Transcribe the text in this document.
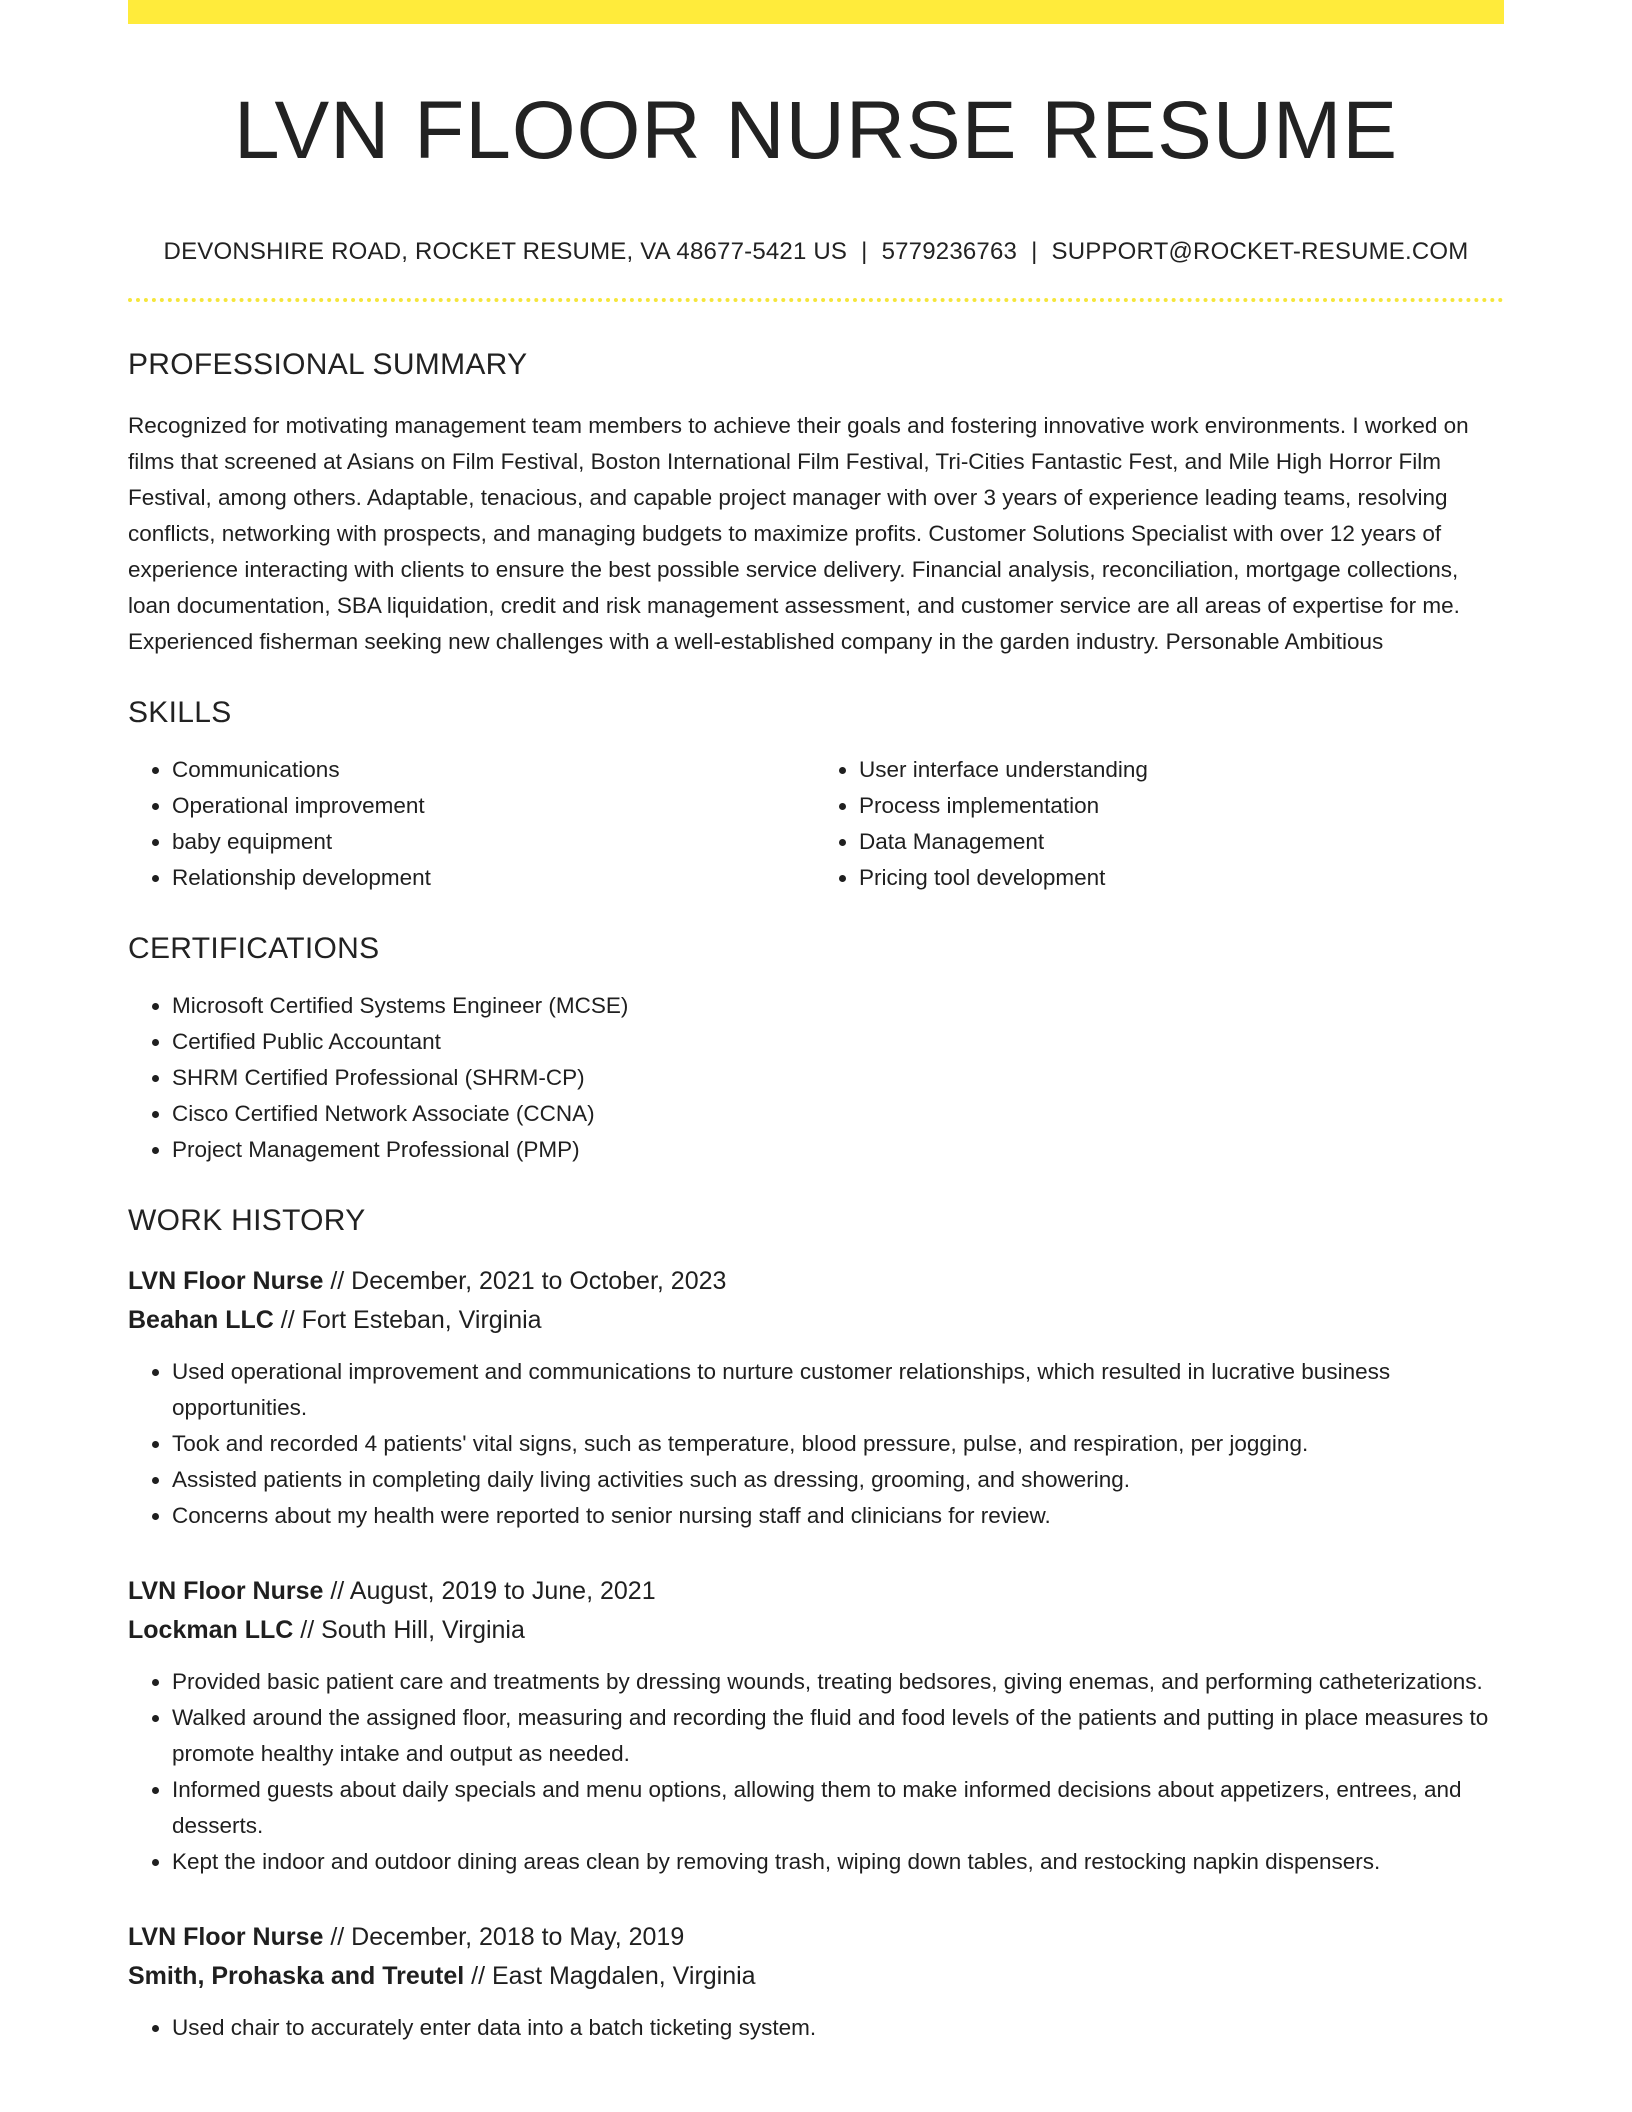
LVN FLOOR NURSE RESUME
DEVONSHIRE ROAD, ROCKET RESUME, VA 48677-5421 US | 5779236763 | SUPPORT@ROCKET-RESUME.COM
PROFESSIONAL SUMMARY

Recognized for motivating management team members to achieve their goals and fostering innovative work environments. I worked on films that screened at Asians on Film Festival, Boston International Film Festival, Tri-Cities Fantastic Fest, and Mile High Horror Film Festival, among others. Adaptable, tenacious, and capable project manager with over 3 years of experience leading teams, resolving conflicts, networking with prospects, and managing budgets to maximize profits. Customer Solutions Specialist with over 12 years of experience interacting with clients to ensure the best possible service delivery. Financial analysis, reconciliation, mortgage collections, loan documentation, SBA liquidation, credit and risk management assessment, and customer service are all areas of expertise for me. Experienced fisherman seeking new challenges with a well-established company in the garden industry. Personable Ambitious

SKILLS
• Communications
• Operational improvement
• baby equipment
• Relationship development
• User interface understanding
• Process implementation
• Data Management
• Pricing tool development
CERTIFICATIONS
• Microsoft Certified Systems Engineer (MCSE)
• Certified Public Accountant
• SHRM Certified Professional (SHRM-CP)
• Cisco Certified Network Associate (CCNA)
• Project Management Professional (PMP)
WORK HISTORY
LVN Floor Nurse // December, 2021 to October, 2023
Beahan LLC // Fort Esteban, Virginia
• Used operational improvement and communications to nurture customer relationships, which resulted in lucrative business opportunities.
• Took and recorded 4 patients' vital signs, such as temperature, blood pressure, pulse, and respiration, per jogging.
• Assisted patients in completing daily living activities such as dressing, grooming, and showering.
• Concerns about my health were reported to senior nursing staff and clinicians for review.
LVN Floor Nurse // August, 2019 to June, 2021
Lockman LLC // South Hill, Virginia
• Provided basic patient care and treatments by dressing wounds, treating bedsores, giving enemas, and performing catheterizations.
• Walked around the assigned floor, measuring and recording the fluid and food levels of the patients and putting in place measures to promote healthy intake and output as needed.
• Informed guests about daily specials and menu options, allowing them to make informed decisions about appetizers, entrees, and desserts.
• Kept the indoor and outdoor dining areas clean by removing trash, wiping down tables, and restocking napkin dispensers.
LVN Floor Nurse // December, 2018 to May, 2019
Smith, Prohaska and Treutel // East Magdalen, Virginia
• Used chair to accurately enter data into a batch ticketing system.
